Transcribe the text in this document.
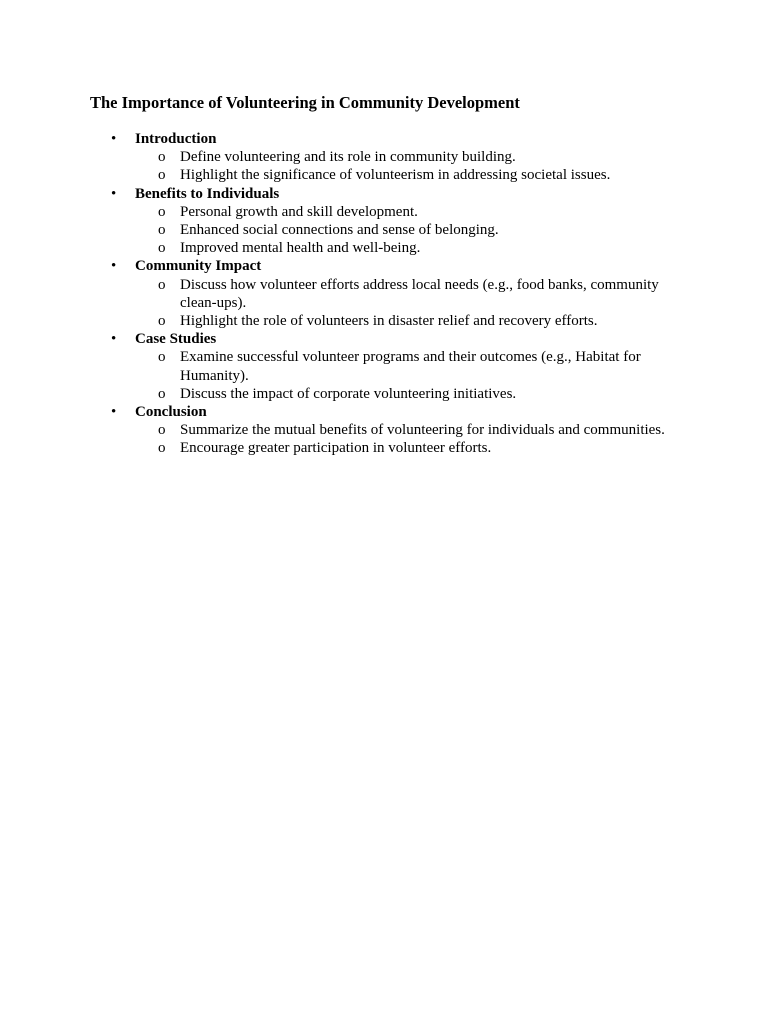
The Importance of Volunteering in Community Development
• Introduction
o Define volunteering and its role in community building.
o Highlight the significance of volunteerism in addressing societal issues.
• Benefits to Individuals
o Personal growth and skill development.
o Enhanced social connections and sense of belonging.
o Improved mental health and well-being.
• Community Impact
o Discuss how volunteer efforts address local needs (e.g., food banks, community clean-ups).
o Highlight the role of volunteers in disaster relief and recovery efforts.
• Case Studies
o Examine successful volunteer programs and their outcomes (e.g., Habitat for Humanity).
o Discuss the impact of corporate volunteering initiatives.
• Conclusion
o Summarize the mutual benefits of volunteering for individuals and communities.
o Encourage greater participation in volunteer efforts.
